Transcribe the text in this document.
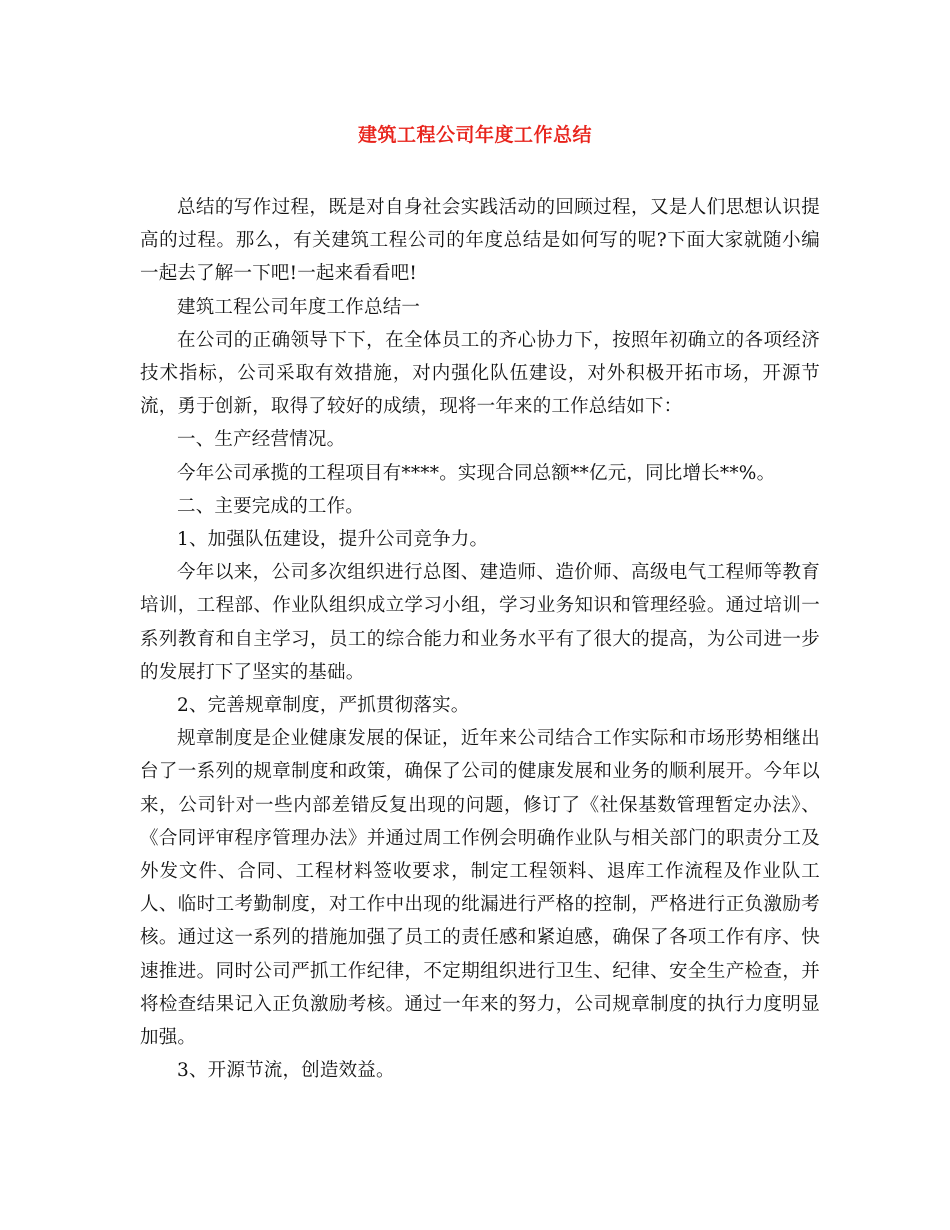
建筑工程公司年度工作总结

总结的写作过程，既是对自身社会实践活动的回顾过程，又是人们思想认识提高的过程。那么，有关建筑工程公司的年度总结是如何写的呢?下面大家就随小编一起去了解一下吧!一起来看看吧!

建筑工程公司年度工作总结一

在公司的正确领导下下，在全体员工的齐心协力下，按照年初确立的各项经济技术指标，公司采取有效措施，对内强化队伍建设，对外积极开拓市场，开源节流，勇于创新，取得了较好的成绩，现将一年来的工作总结如下：

一、生产经营情况。

今年公司承揽的工程项目有****。实现合同总额**亿元，同比增长**%。

二、主要完成的工作。

1、加强队伍建设，提升公司竞争力。

今年以来，公司多次组织进行总图、建造师、造价师、高级电气工程师等教育培训，工程部、作业队组织成立学习小组，学习业务知识和管理经验。通过培训一系列教育和自主学习，员工的综合能力和业务水平有了很大的提高，为公司进一步的发展打下了坚实的基础。

2、完善规章制度，严抓贯彻落实。

规章制度是企业健康发展的保证，近年来公司结合工作实际和市场形势相继出台了一系列的规章制度和政策，确保了公司的健康发展和业务的顺利展开。今年以来，公司针对一些内部差错反复出现的问题，修订了《社保基数管理暂定办法》、《合同评审程序管理办法》并通过周工作例会明确作业队与相关部门的职责分工及外发文件、合同、工程材料签收要求，制定工程领料、退库工作流程及作业队工人、临时工考勤制度，对工作中出现的纰漏进行严格的控制，严格进行正负激励考核。通过这一系列的措施加强了员工的责任感和紧迫感，确保了各项工作有序、快速推进。同时公司严抓工作纪律，不定期组织进行卫生、纪律、安全生产检查，并将检查结果记入正负激励考核。通过一年来的努力，公司规章制度的执行力度明显加强。

3、开源节流，创造效益。
